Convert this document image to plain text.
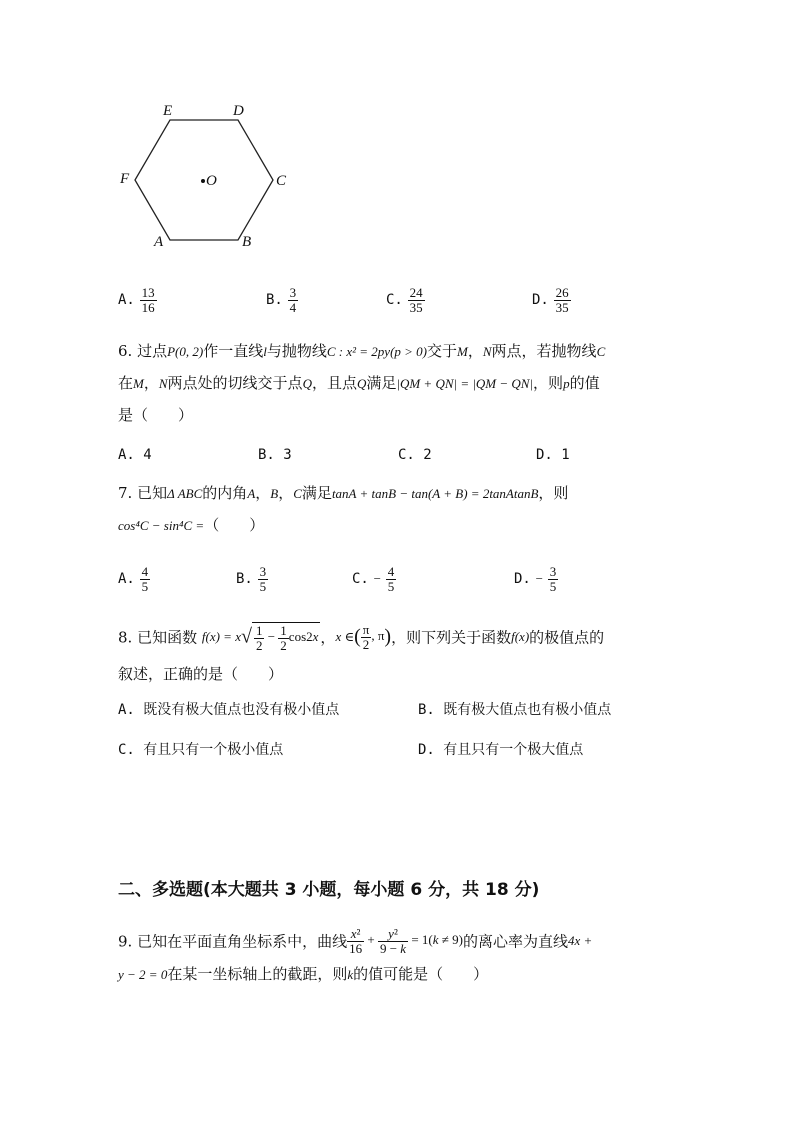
E	D
F	C
O
A	B
A. $\frac{13}{16}$	B. $\frac{3}{4}$	C. $\frac{24}{35}$	D. $\frac{26}{35}$
6. 过点P(0, 2)作一直线l与抛物线C : x² = 2py(p > 0)交于M，N两点，若抛物线C
在M，N两点处的切线交于点Q，且点Q满足|QM + QN| = |QM − QN|，则p的值
是（　　）
A. 4	B. 3	C. 2	D. 1
7. 已知Δ ABC的内角A，B，C满足tanA + tanB − tan(A + B) = 2tanAtanB，则
cos⁴C − sin⁴C =（　　）
A. $\frac{4}{5}$	B. $\frac{3}{5}$	C. − $\frac{4}{5}$	D. − $\frac{3}{5}$
8. 已知函数 $f(x) = x√ \frac{1}{2} - \frac{1}{2} \cos 2x$ ，x ∈( $\frac{\pi}{2}$ , π)，则下列关于函数f(x)的极值点的
叙述，正确的是（　　）
A. 既没有极大值点也没有极小值点	B. 既有极大值点也有极小值点
C. 有且只有一个极小值点	D. 有且只有一个极大值点
二、多选题(本大题共 3 小题，每小题 6 分，共 18 分)
9. 已知在平面直角坐标系中，曲线 $\frac{\text{x²}}{16} + \frac{\text{y²}}{9 - k} = 1(k \ne 9)$的离心率为直线4x +
y − 2 = 0在某一坐标轴上的截距，则k的值可能是（　　）
